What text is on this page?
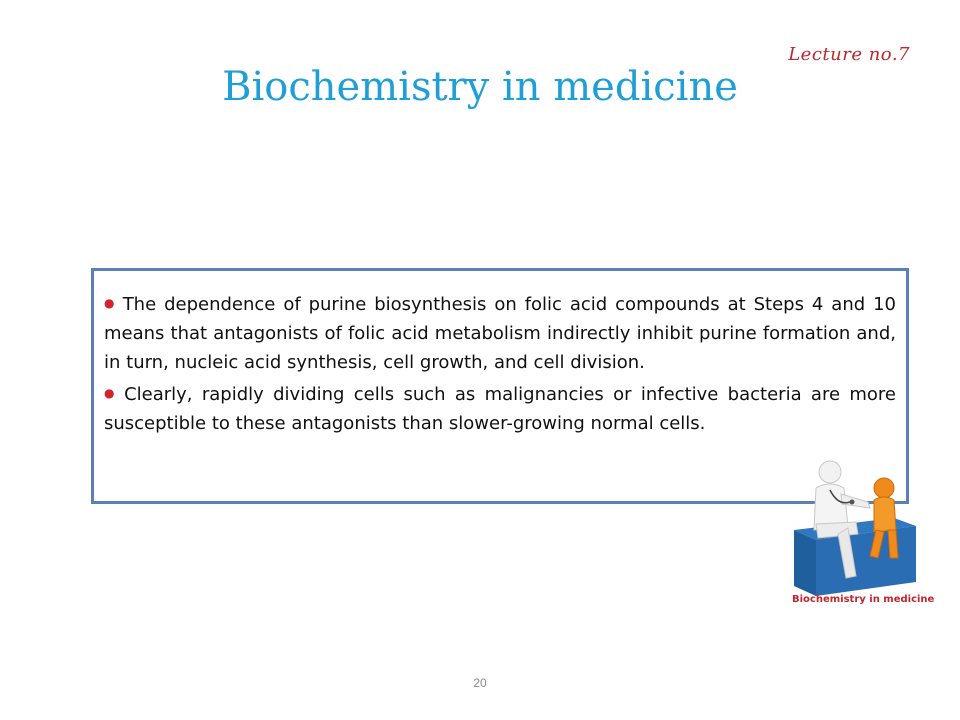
Lecture no.7
Biochemistry in medicine

● The dependence of purine biosynthesis on folic acid compounds at Steps 4 and 10 means that antagonists of folic acid metabolism indirectly inhibit purine formation and, in turn, nucleic acid synthesis, cell growth, and cell division.

● Clearly, rapidly dividing cells such as malignancies or infective bacteria are more susceptible to these antagonists than slower-growing normal cells.

Biochemistry in medicine
20
